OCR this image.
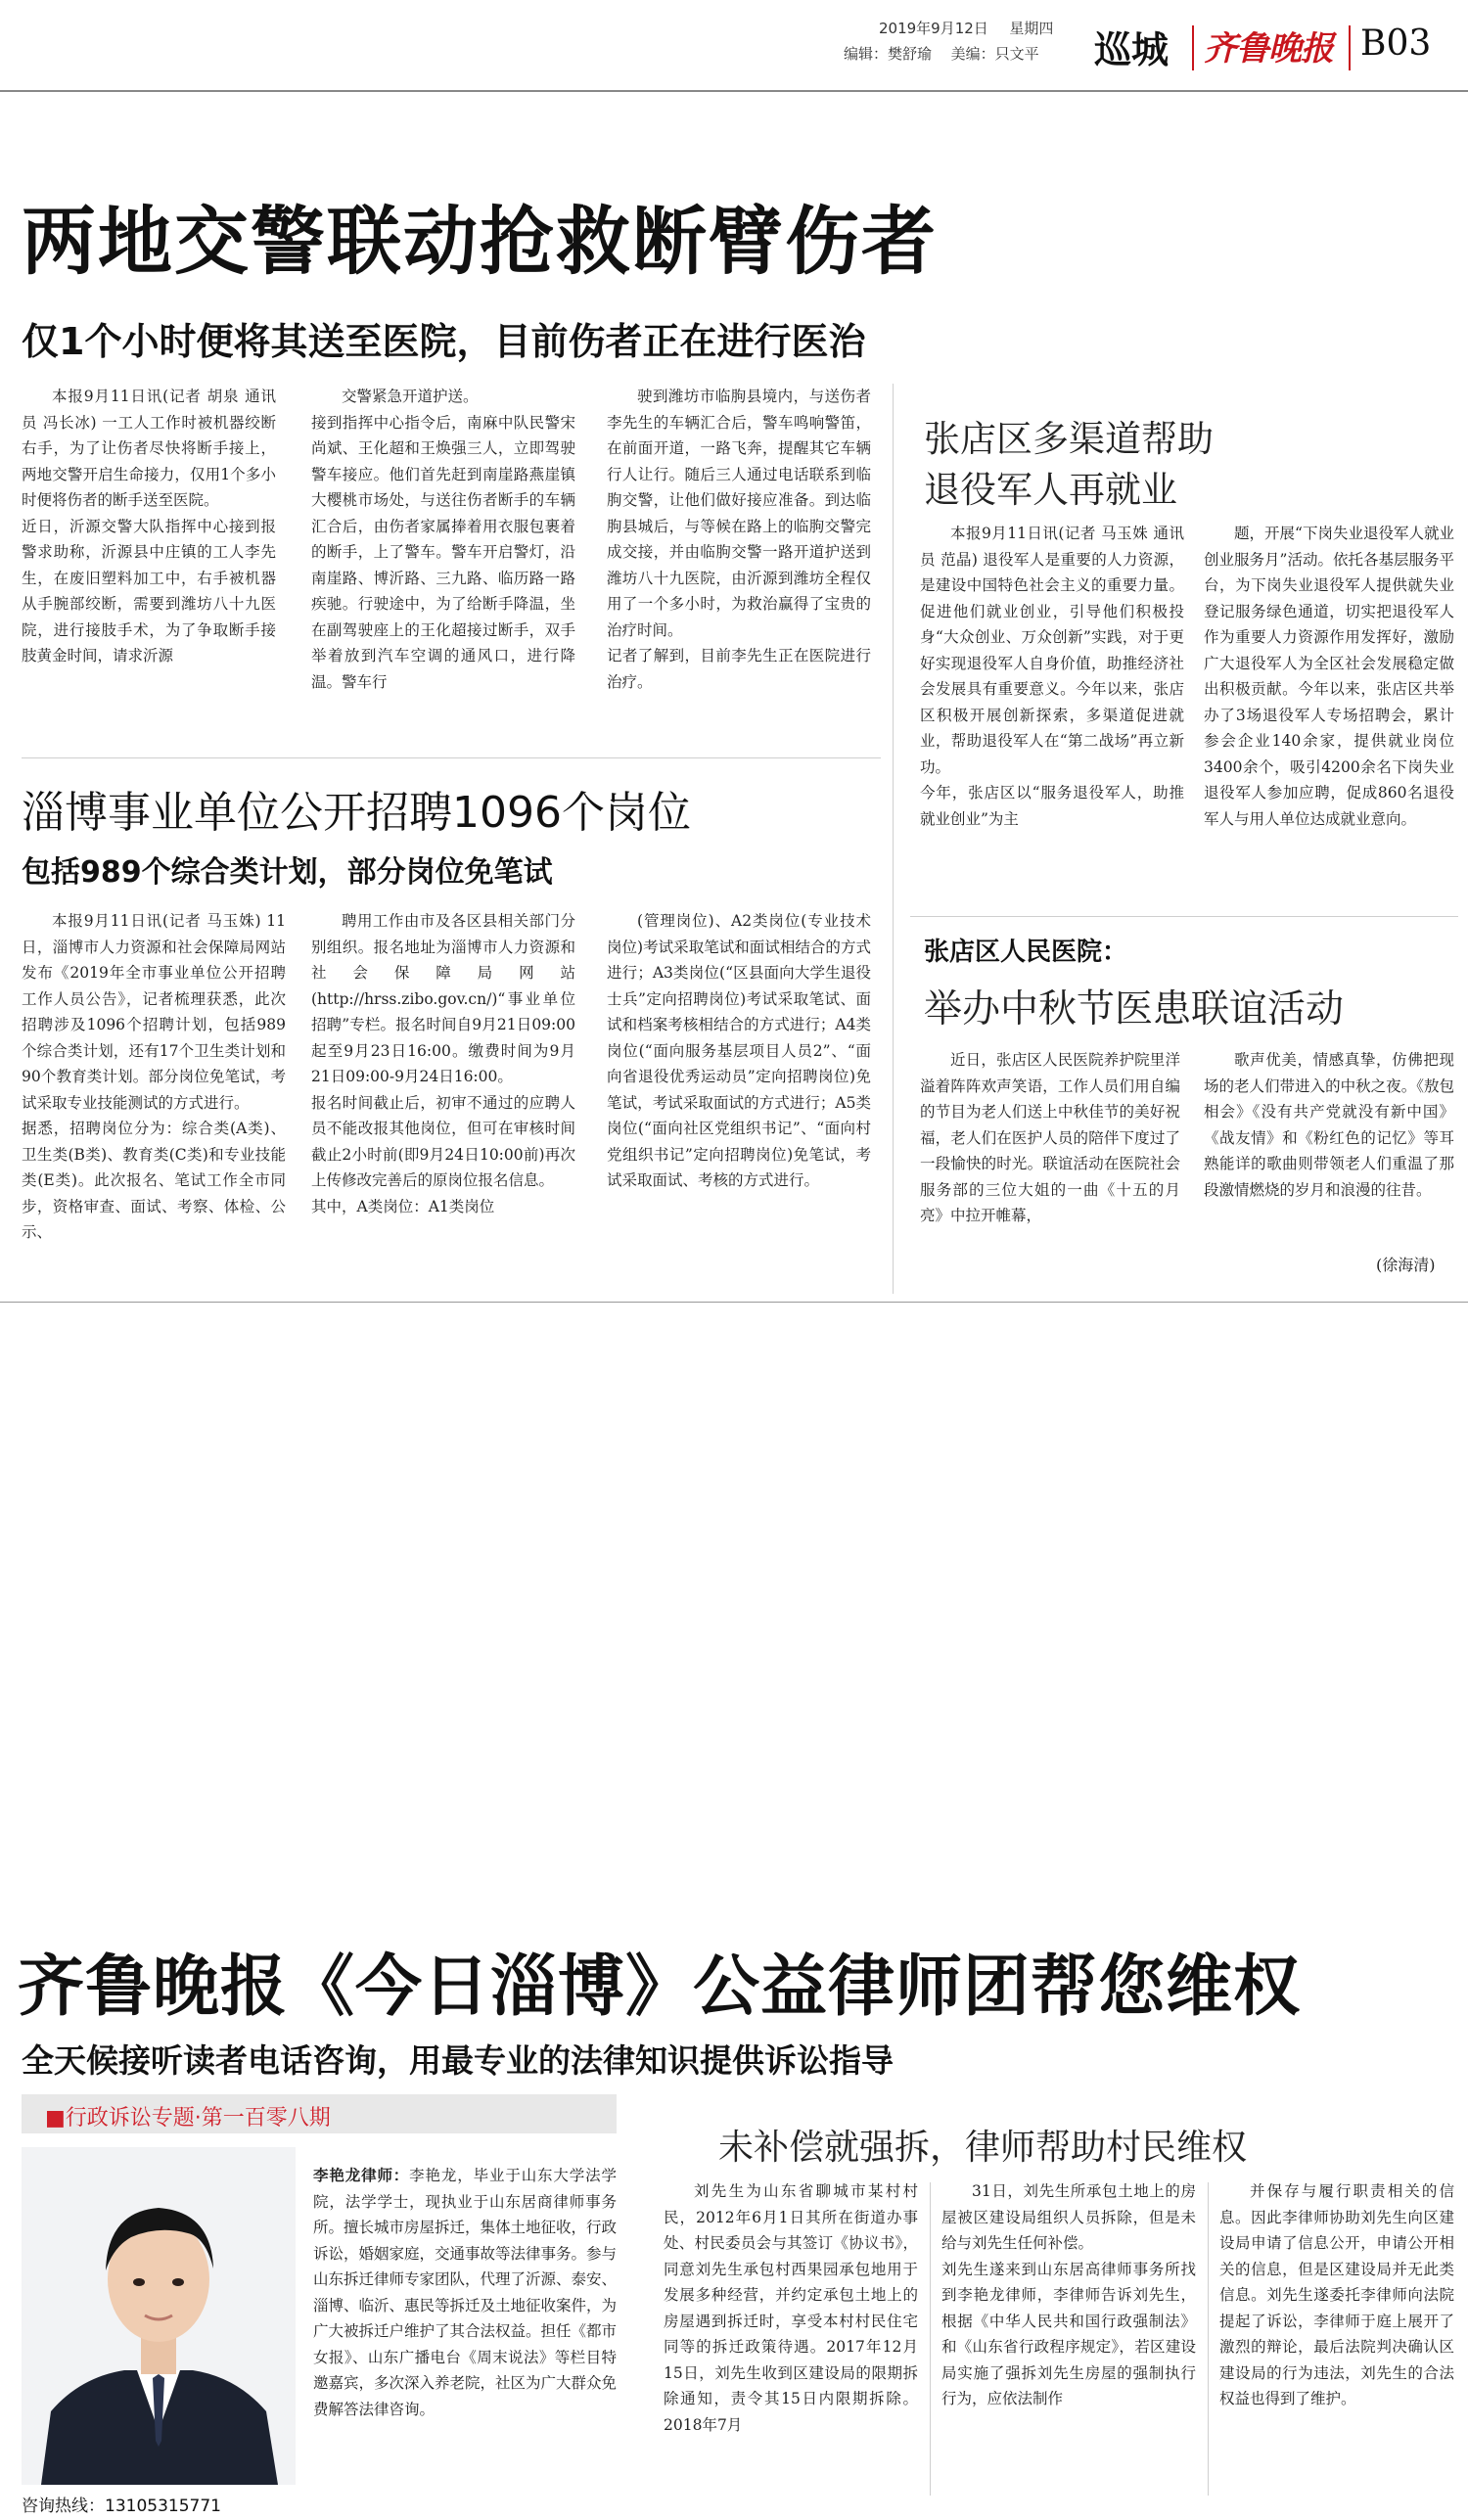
2019年9月12日 星期四
编辑：樊舒瑜 美编：只文平 巡城 齐鲁晚报 B03
两地交警联动抢救断臂伤者
仅1个小时便将其送至医院，目前伤者正在进行医治

本报9月11日讯(记者 胡泉 通讯员 冯长冰) 一工人工作时被机器绞断右手，为了让伤者尽快将断手接上，两地交警开启生命接力，仅用1个多小时便将伤者的断手送至医院。
近日，沂源交警大队指挥中心接到报警求助称，沂源县中庄镇的工人李先生，在废旧塑料加工中，右手被机器从手腕部绞断，需要到潍坊八十九医院，进行接肢手术，为了争取断手接肢黄金时间，请求沂源

交警紧急开道护送。
接到指挥中心指令后，南麻中队民警宋尚斌、王化超和王焕强三人，立即驾驶警车接应。他们首先赶到南崖路燕崖镇大樱桃市场处，与送往伤者断手的车辆汇合后，由伤者家属捧着用衣服包裹着的断手，上了警车。警车开启警灯，沿南崖路、博沂路、三九路、临历路一路疾驰。行驶途中，为了给断手降温，坐在副驾驶座上的王化超接过断手，双手举着放到汽车空调的通风口，进行降温。警车行

驶到潍坊市临朐县境内，与送伤者李先生的车辆汇合后，警车鸣响警笛，在前面开道，一路飞奔，提醒其它车辆行人让行。随后三人通过电话联系到临朐交警，让他们做好接应准备。到达临朐县城后，与等候在路上的临朐交警完成交接，并由临朐交警一路开道护送到潍坊八十九医院，由沂源到潍坊全程仅用了一个多小时，为救治赢得了宝贵的治疗时间。
记者了解到，目前李先生正在医院进行治疗。

张店区多渠道帮助
退役军人再就业

本报9月11日讯(记者 马玉姝 通讯员 范晶) 退役军人是重要的人力资源，是建设中国特色社会主义的重要力量。促进他们就业创业，引导他们积极投身“大众创业、万众创新”实践，对于更好实现退役军人自身价值，助推经济社会发展具有重要意义。今年以来，张店区积极开展创新探索，多渠道促进就业，帮助退役军人在“第二战场”再立新功。
今年，张店区以“服务退役军人，助推就业创业”为主

题，开展“下岗失业退役军人就业创业服务月”活动。依托各基层服务平台，为下岗失业退役军人提供就失业登记服务绿色通道，切实把退役军人作为重要人力资源作用发挥好，激励广大退役军人为全区社会发展稳定做出积极贡献。今年以来，张店区共举办了3场退役军人专场招聘会，累计参会企业140余家，提供就业岗位3400余个，吸引4200余名下岗失业退役军人参加应聘，促成860名退役军人与用人单位达成就业意向。

淄博事业单位公开招聘1096个岗位
包括989个综合类计划，部分岗位免笔试

本报9月11日讯(记者 马玉姝) 11日，淄博市人力资源和社会保障局网站发布《2019年全市事业单位公开招聘工作人员公告》，记者梳理获悉，此次招聘涉及1096个招聘计划，包括989个综合类计划，还有17个卫生类计划和90个教育类计划。部分岗位免笔试，考试采取专业技能测试的方式进行。
据悉，招聘岗位分为：综合类(A类)、卫生类(B类)、教育类(C类)和专业技能类(E类)。此次报名、笔试工作全市同步，资格审查、面试、考察、体检、公示、

聘用工作由市及各区县相关部门分别组织。报名地址为淄博市人力资源和社会保障局网站(http://hrss.zibo.gov.cn/)“事业单位招聘”专栏。报名时间自9月21日09:00起至9月23日16:00。缴费时间为9月21日09:00-9月24日16:00。
报名时间截止后，初审不通过的应聘人员不能改报其他岗位，但可在审核时间截止2小时前(即9月24日10:00前)再次上传修改完善后的原岗位报名信息。
其中，A类岗位：A1类岗位

(管理岗位)、A2类岗位(专业技术岗位)考试采取笔试和面试相结合的方式进行；A3类岗位(“区县面向大学生退役士兵”定向招聘岗位)考试采取笔试、面试和档案考核相结合的方式进行；A4类岗位(“面向服务基层项目人员2”、“面向省退役优秀运动员”定向招聘岗位)免笔试，考试采取面试的方式进行；A5类岗位(“面向社区党组织书记”、“面向村党组织书记”定向招聘岗位)免笔试，考试采取面试、考核的方式进行。

张店区人民医院：
举办中秋节医患联谊活动

近日，张店区人民医院养护院里洋溢着阵阵欢声笑语，工作人员们用自编的节目为老人们送上中秋佳节的美好祝福，老人们在医护人员的陪伴下度过了一段愉快的时光。联谊活动在医院社会服务部的三位大姐的一曲《十五的月亮》中拉开帷幕，

歌声优美，情感真挚，仿佛把现场的老人们带进入的中秋之夜。《敖包相会》《没有共产党就没有新中国》《战友情》和《粉红色的记忆》等耳熟能详的歌曲则带领老人们重温了那段激情燃烧的岁月和浪漫的往昔。

(徐海清)
齐鲁晚报《今日淄博》公益律师团帮您维权
全天候接听读者电话咨询，用最专业的法律知识提供诉讼指导
■行政诉讼专题·第一百零八期
李艳龙律师：李艳龙，毕业于山东大学法学院，法学学士，现执业于山东居商律师事务所。擅长城市房屋拆迁，集体土地征收，行政诉讼，婚姻家庭，交通事故等法律事务。参与山东拆迁律师专家团队，代理了沂源、泰安、淄博、临沂、惠民等拆迁及土地征收案件，为广大被拆迁户维护了其合法权益。担任《都市女报》、山东广播电台《周末说法》等栏目特邀嘉宾，多次深入养老院，社区为广大群众免费解答法律咨询。
咨询热线：13105315771
未补偿就强拆，律师帮助村民维权

刘先生为山东省聊城市某村村民，2012年6月1日其所在街道办事处、村民委员会与其签订《协议书》，同意刘先生承包村西果园承包地用于发展多种经营，并约定承包土地上的房屋遇到拆迁时，享受本村村民住宅同等的拆迁政策待遇。2017年12月15日，刘先生收到区建设局的限期拆除通知，责令其15日内限期拆除。2018年7月

31日，刘先生所承包土地上的房屋被区建设局组织人员拆除，但是未给与刘先生任何补偿。
刘先生遂来到山东居高律师事务所找到李艳龙律师，李律师告诉刘先生，根据《中华人民共和国行政强制法》和《山东省行政程序规定》，若区建设局实施了强拆刘先生房屋的强制执行行为，应依法制作

并保存与履行职责相关的信息。因此李律师协助刘先生向区建设局申请了信息公开，申请公开相关的信息，但是区建设局并无此类信息。刘先生遂委托李律师向法院提起了诉讼，李律师于庭上展开了激烈的辩论，最后法院判决确认区建设局的行为违法，刘先生的合法权益也得到了维护。
